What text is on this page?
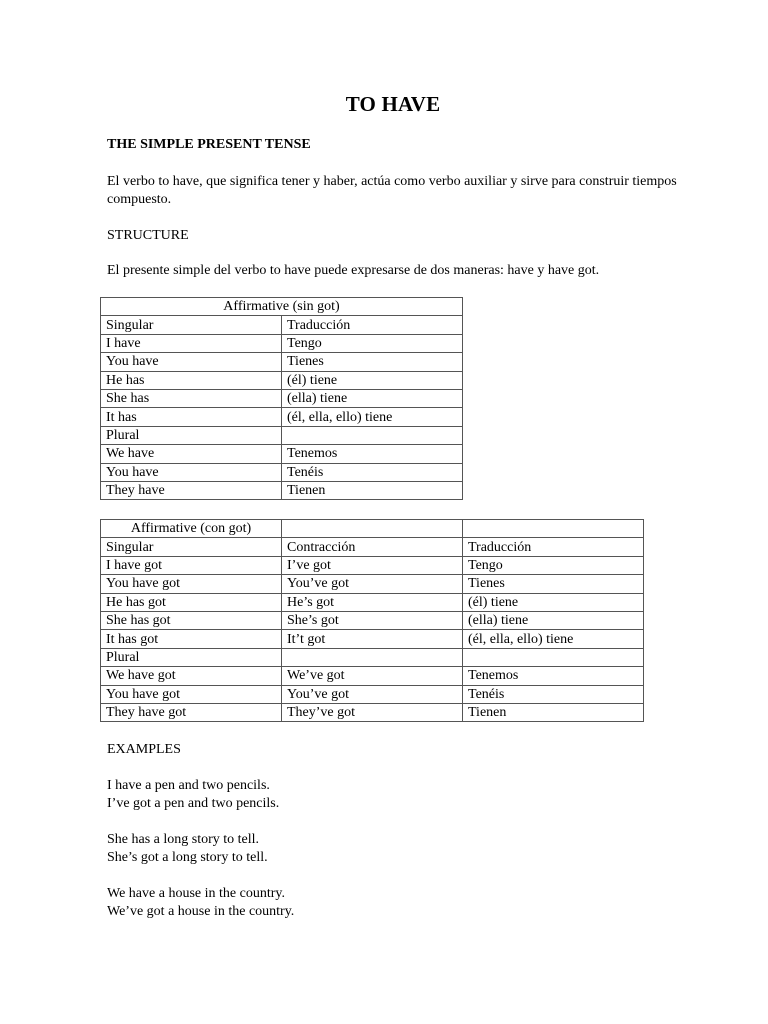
TO HAVE
THE SIMPLE PRESENT TENSE
El verbo to have, que significa tener y haber, actúa como verbo auxiliar y sirve para construir tiempos compuesto.
STRUCTURE
El presente simple del verbo to have puede expresarse de dos maneras: have y have got.
Affirmative (sin got)	
Singular	Traducción
I have	Tengo
You have	Tienes
He has	(él) tiene
She has	(ella) tiene
It has	(él, ella, ello) tiene
Plural	
We have	Tenemos
You have	Tenéis
They have	Tienen
Affirmative (con got)		
Singular	Contracción	Traducción
I have got	I’ve got	Tengo
You have got	You’ve got	Tienes
He has got	He’s got	(él) tiene
She has got	She’s got	(ella) tiene
It has got	It’t got	(él, ella, ello) tiene
Plural		
We have got	We’ve got	Tenemos
You have got	You’ve got	Tenéis
They have got	They’ve got	Tienen
EXAMPLES
I have a pen and two pencils.
I’ve got a pen and two pencils.
She has a long story to tell.
She’s got a long story to tell.
We have a house in the country.
We’ve got a house in the country.
